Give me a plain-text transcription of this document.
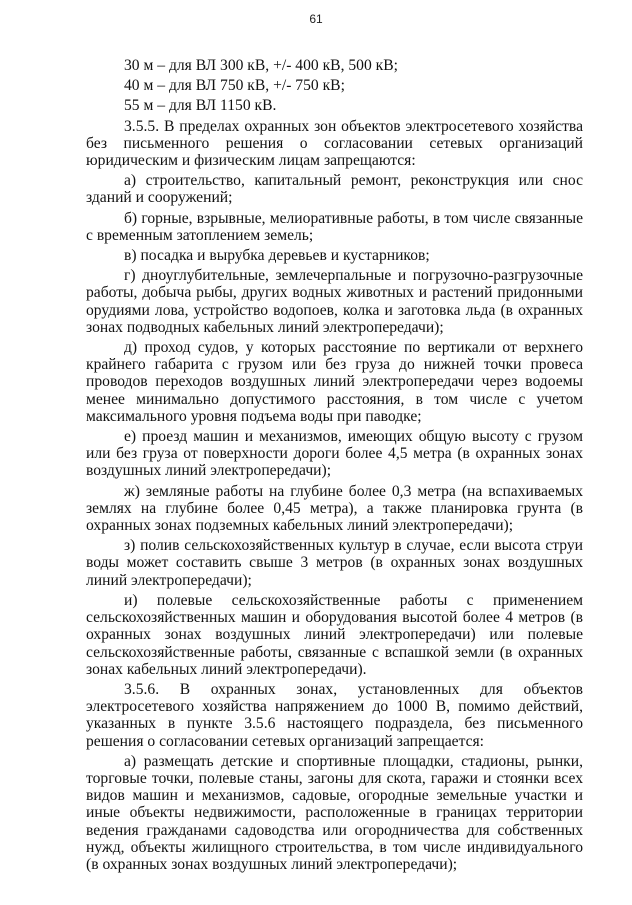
61

30 м – для ВЛ 300 кВ, +/- 400 кВ, 500 кВ;

40 м – для ВЛ 750 кВ, +/- 750 кВ;

55 м – для ВЛ 1150 кВ.

3.5.5. В пределах охранных зон объектов электросетевого хозяйства без письменного решения о согласовании сетевых организаций юридическим и физическим лицам запрещаются:

а) строительство, капитальный ремонт, реконструкция или снос зданий и сооружений;

б) горные, взрывные, мелиоративные работы, в том числе связанные с временным затоплением земель;

в) посадка и вырубка деревьев и кустарников;

г) дноуглубительные, землечерпальные и погрузочно-разгрузочные работы, добыча рыбы, других водных животных и растений придонными орудиями лова, устройство водопоев, колка и заготовка льда (в охранных зонах подводных кабельных линий электропередачи);

д) проход судов, у которых расстояние по вертикали от верхнего крайнего габарита с грузом или без груза до нижней точки провеса проводов переходов воздушных линий электропередачи через водоемы менее минимально допустимого расстояния, в том числе с учетом максимального уровня подъема воды при паводке;

е) проезд машин и механизмов, имеющих общую высоту с грузом или без груза от поверхности дороги более 4,5 метра (в охранных зонах воздушных линий электропередачи);

ж) земляные работы на глубине более 0,3 метра (на вспахиваемых землях на глубине более 0,45 метра), а также планировка грунта (в охранных зонах подземных кабельных линий электропередачи);

з) полив сельскохозяйственных культур в случае, если высота струи воды может составить свыше 3 метров (в охранных зонах воздушных линий электропередачи);

и) полевые сельскохозяйственные работы с применением сельскохозяйственных машин и оборудования высотой более 4 метров (в охранных зонах воздушных линий электропередачи) или полевые сельскохозяйственные работы, связанные с вспашкой земли (в охранных зонах кабельных линий электропередачи).

3.5.6. В охранных зонах, установленных для объектов электросетевого хозяйства напряжением до 1000 В, помимо действий, указанных в пункте 3.5.6 настоящего подраздела, без письменного решения о согласовании сетевых организаций запрещается:

а) размещать детские и спортивные площадки, стадионы, рынки, торговые точки, полевые станы, загоны для скота, гаражи и стоянки всех видов машин и механизмов, садовые, огородные земельные участки и иные объекты недвижимости, расположенные в границах территории ведения гражданами садоводства или огородничества для собственных нужд, объекты жилищного строительства, в том числе индивидуального (в охранных зонах воздушных линий электропередачи);
